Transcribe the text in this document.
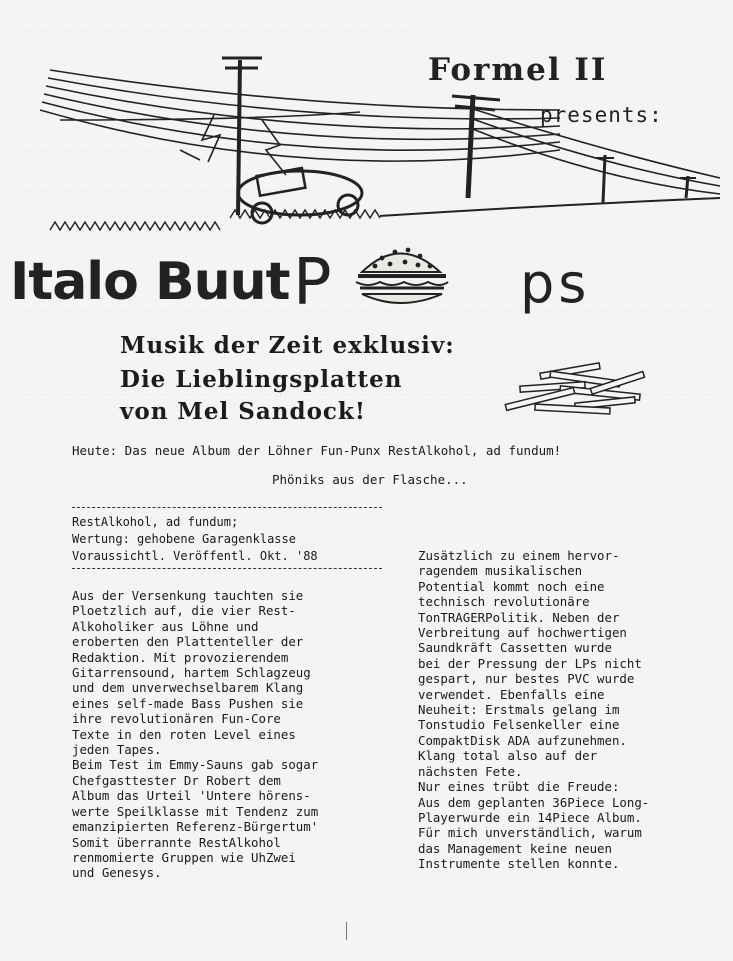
Formel II
presents:
Italo Buut P	ps
Musik der Zeit exklusiv:
Die Lieblingsplatten
von Mel Sandock!
Heute: Das neue Album der Löhner Fun-Punx RestAlkohol, ad fundum!
Phöniks aus der Flasche...
RestAlkohol, ad fundum;
Wertung: gehobene Garagenklasse
Voraussichtl. Veröffentl. Okt. '88
Aus der Versenkung tauchten sie
Ploetzlich auf, die vier Rest-
Alkoholiker aus Löhne und
eroberten den Plattenteller der
Redaktion. Mit provozierendem
Gitarrensound, hartem Schlagzeug
und dem unverwechselbarem Klang
eines self-made Bass Pushen sie
ihre revolutionären Fun-Core
Texte in den roten Level eines
jeden Tapes.
Beim Test im Emmy-Sauns gab sogar
Chefgasttester Dr Robert dem
Album das Urteil 'Untere hörens-
werte Speilklasse mit Tendenz zum
emanzipierten Referenz-Bürgertum'
Somit überrannte RestAlkohol
renmomierte Gruppen wie UhZwei
und Genesys.
Zusätzlich zu einem hervor-
ragendem musikalischen
Potential kommt noch eine
technisch revolutionäre
TonTRAGERPolitik. Neben der
Verbreitung auf hochwertigen
Saundkräft Cassetten wurde
bei der Pressung der LPs nicht
gespart, nur bestes PVC wurde
verwendet. Ebenfalls eine
Neuheit: Erstmals gelang im
Tonstudio Felsenkeller eine
CompaktDisk ADA aufzunehmen.
Klang total also auf der
nächsten Fete.
Nur eines trübt die Freude:
Aus dem geplanten 36Piece Long-
Playerwurde ein 14Piece Album.
Für mich unverständlich, warum
das Management keine neuen
Instrumente stellen konnte.
